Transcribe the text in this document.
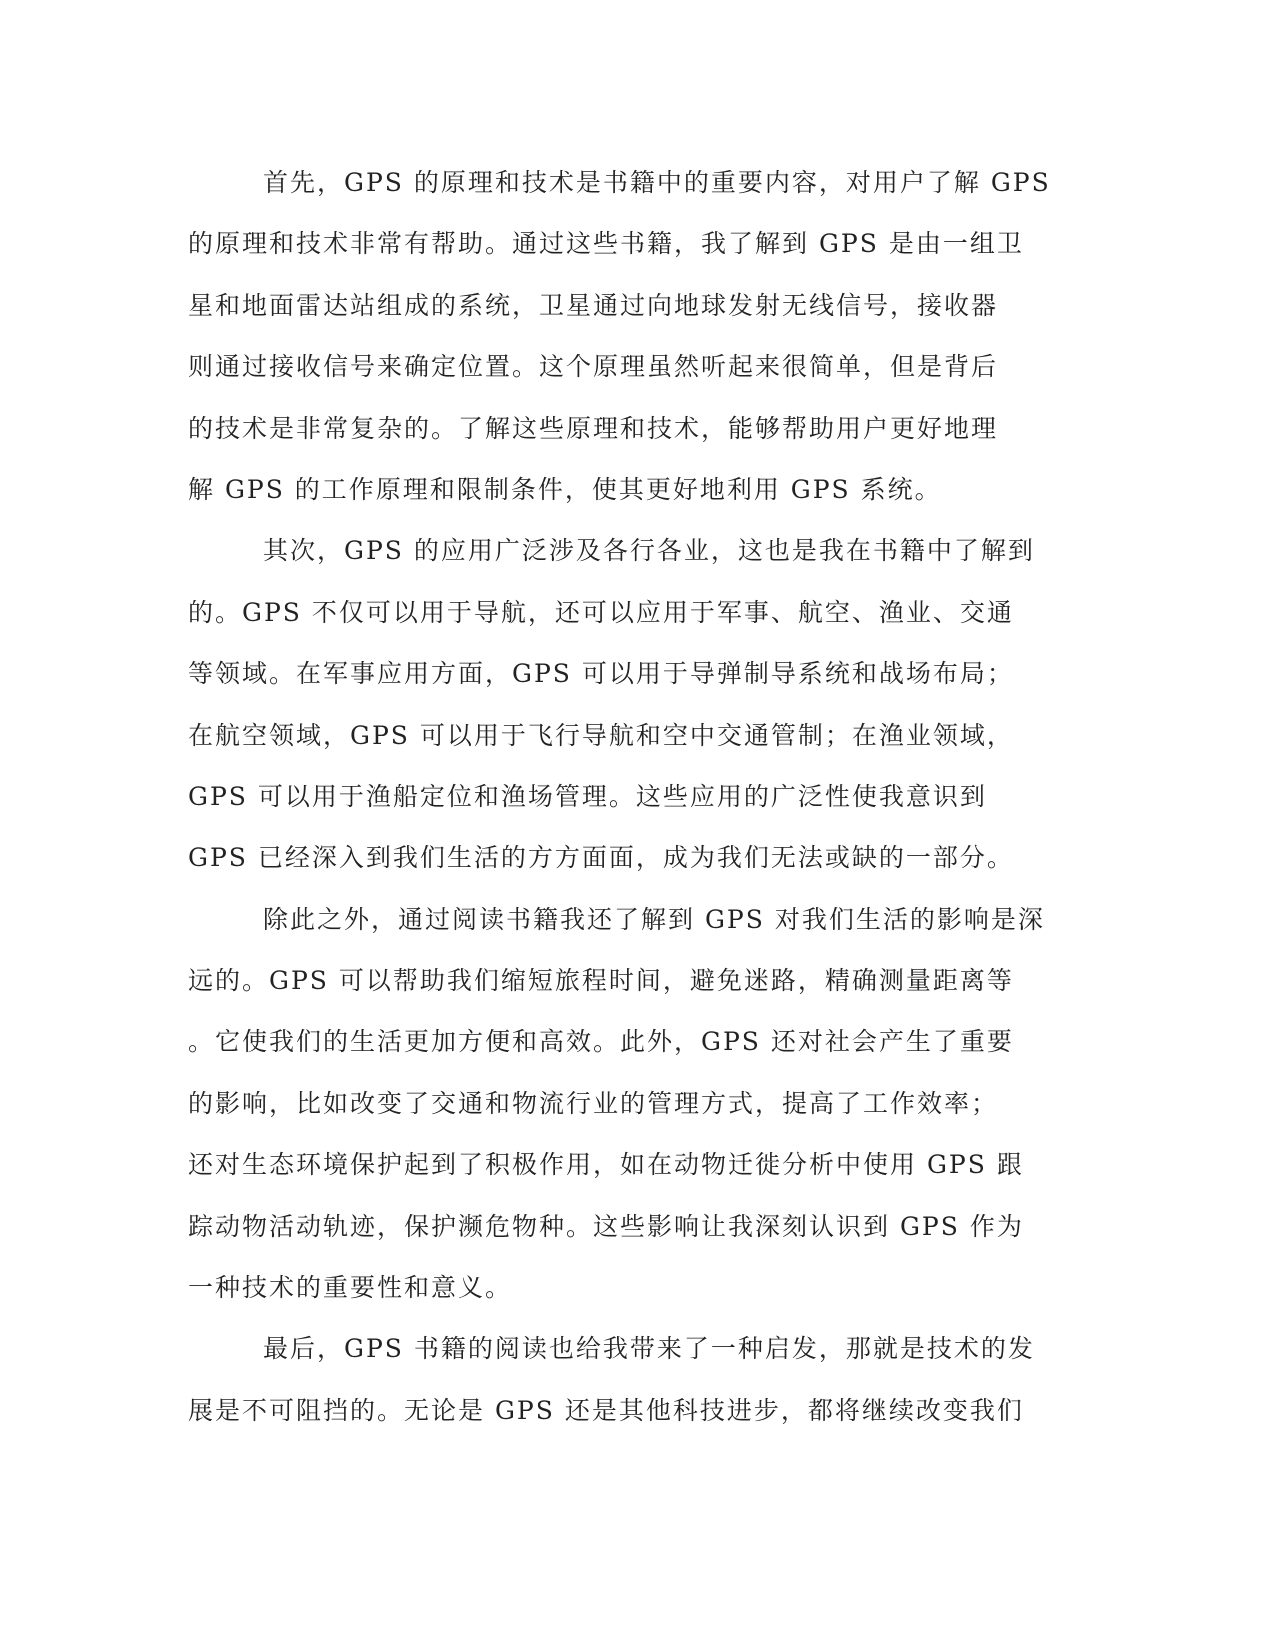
首先，GPS 的原理和技术是书籍中的重要内容，对用户了解 GPS
的原理和技术非常有帮助。通过这些书籍，我了解到 GPS 是由一组卫
星和地面雷达站组成的系统，卫星通过向地球发射无线信号，接收器
则通过接收信号来确定位置。这个原理虽然听起来很简单，但是背后
的技术是非常复杂的。了解这些原理和技术，能够帮助用户更好地理
解 GPS 的工作原理和限制条件，使其更好地利用 GPS 系统。
其次，GPS 的应用广泛涉及各行各业，这也是我在书籍中了解到
的。GPS 不仅可以用于导航，还可以应用于军事、航空、渔业、交通
等领域。在军事应用方面，GPS 可以用于导弹制导系统和战场布局；
在航空领域，GPS 可以用于飞行导航和空中交通管制；在渔业领域，
GPS 可以用于渔船定位和渔场管理。这些应用的广泛性使我意识到
GPS 已经深入到我们生活的方方面面，成为我们无法或缺的一部分。
除此之外，通过阅读书籍我还了解到 GPS 对我们生活的影响是深
远的。GPS 可以帮助我们缩短旅程时间，避免迷路，精确测量距离等
。它使我们的生活更加方便和高效。此外，GPS 还对社会产生了重要
的影响，比如改变了交通和物流行业的管理方式，提高了工作效率；
还对生态环境保护起到了积极作用，如在动物迁徙分析中使用 GPS 跟
踪动物活动轨迹，保护濒危物种。这些影响让我深刻认识到 GPS 作为
一种技术的重要性和意义。
最后，GPS 书籍的阅读也给我带来了一种启发，那就是技术的发
展是不可阻挡的。无论是 GPS 还是其他科技进步，都将继续改变我们
